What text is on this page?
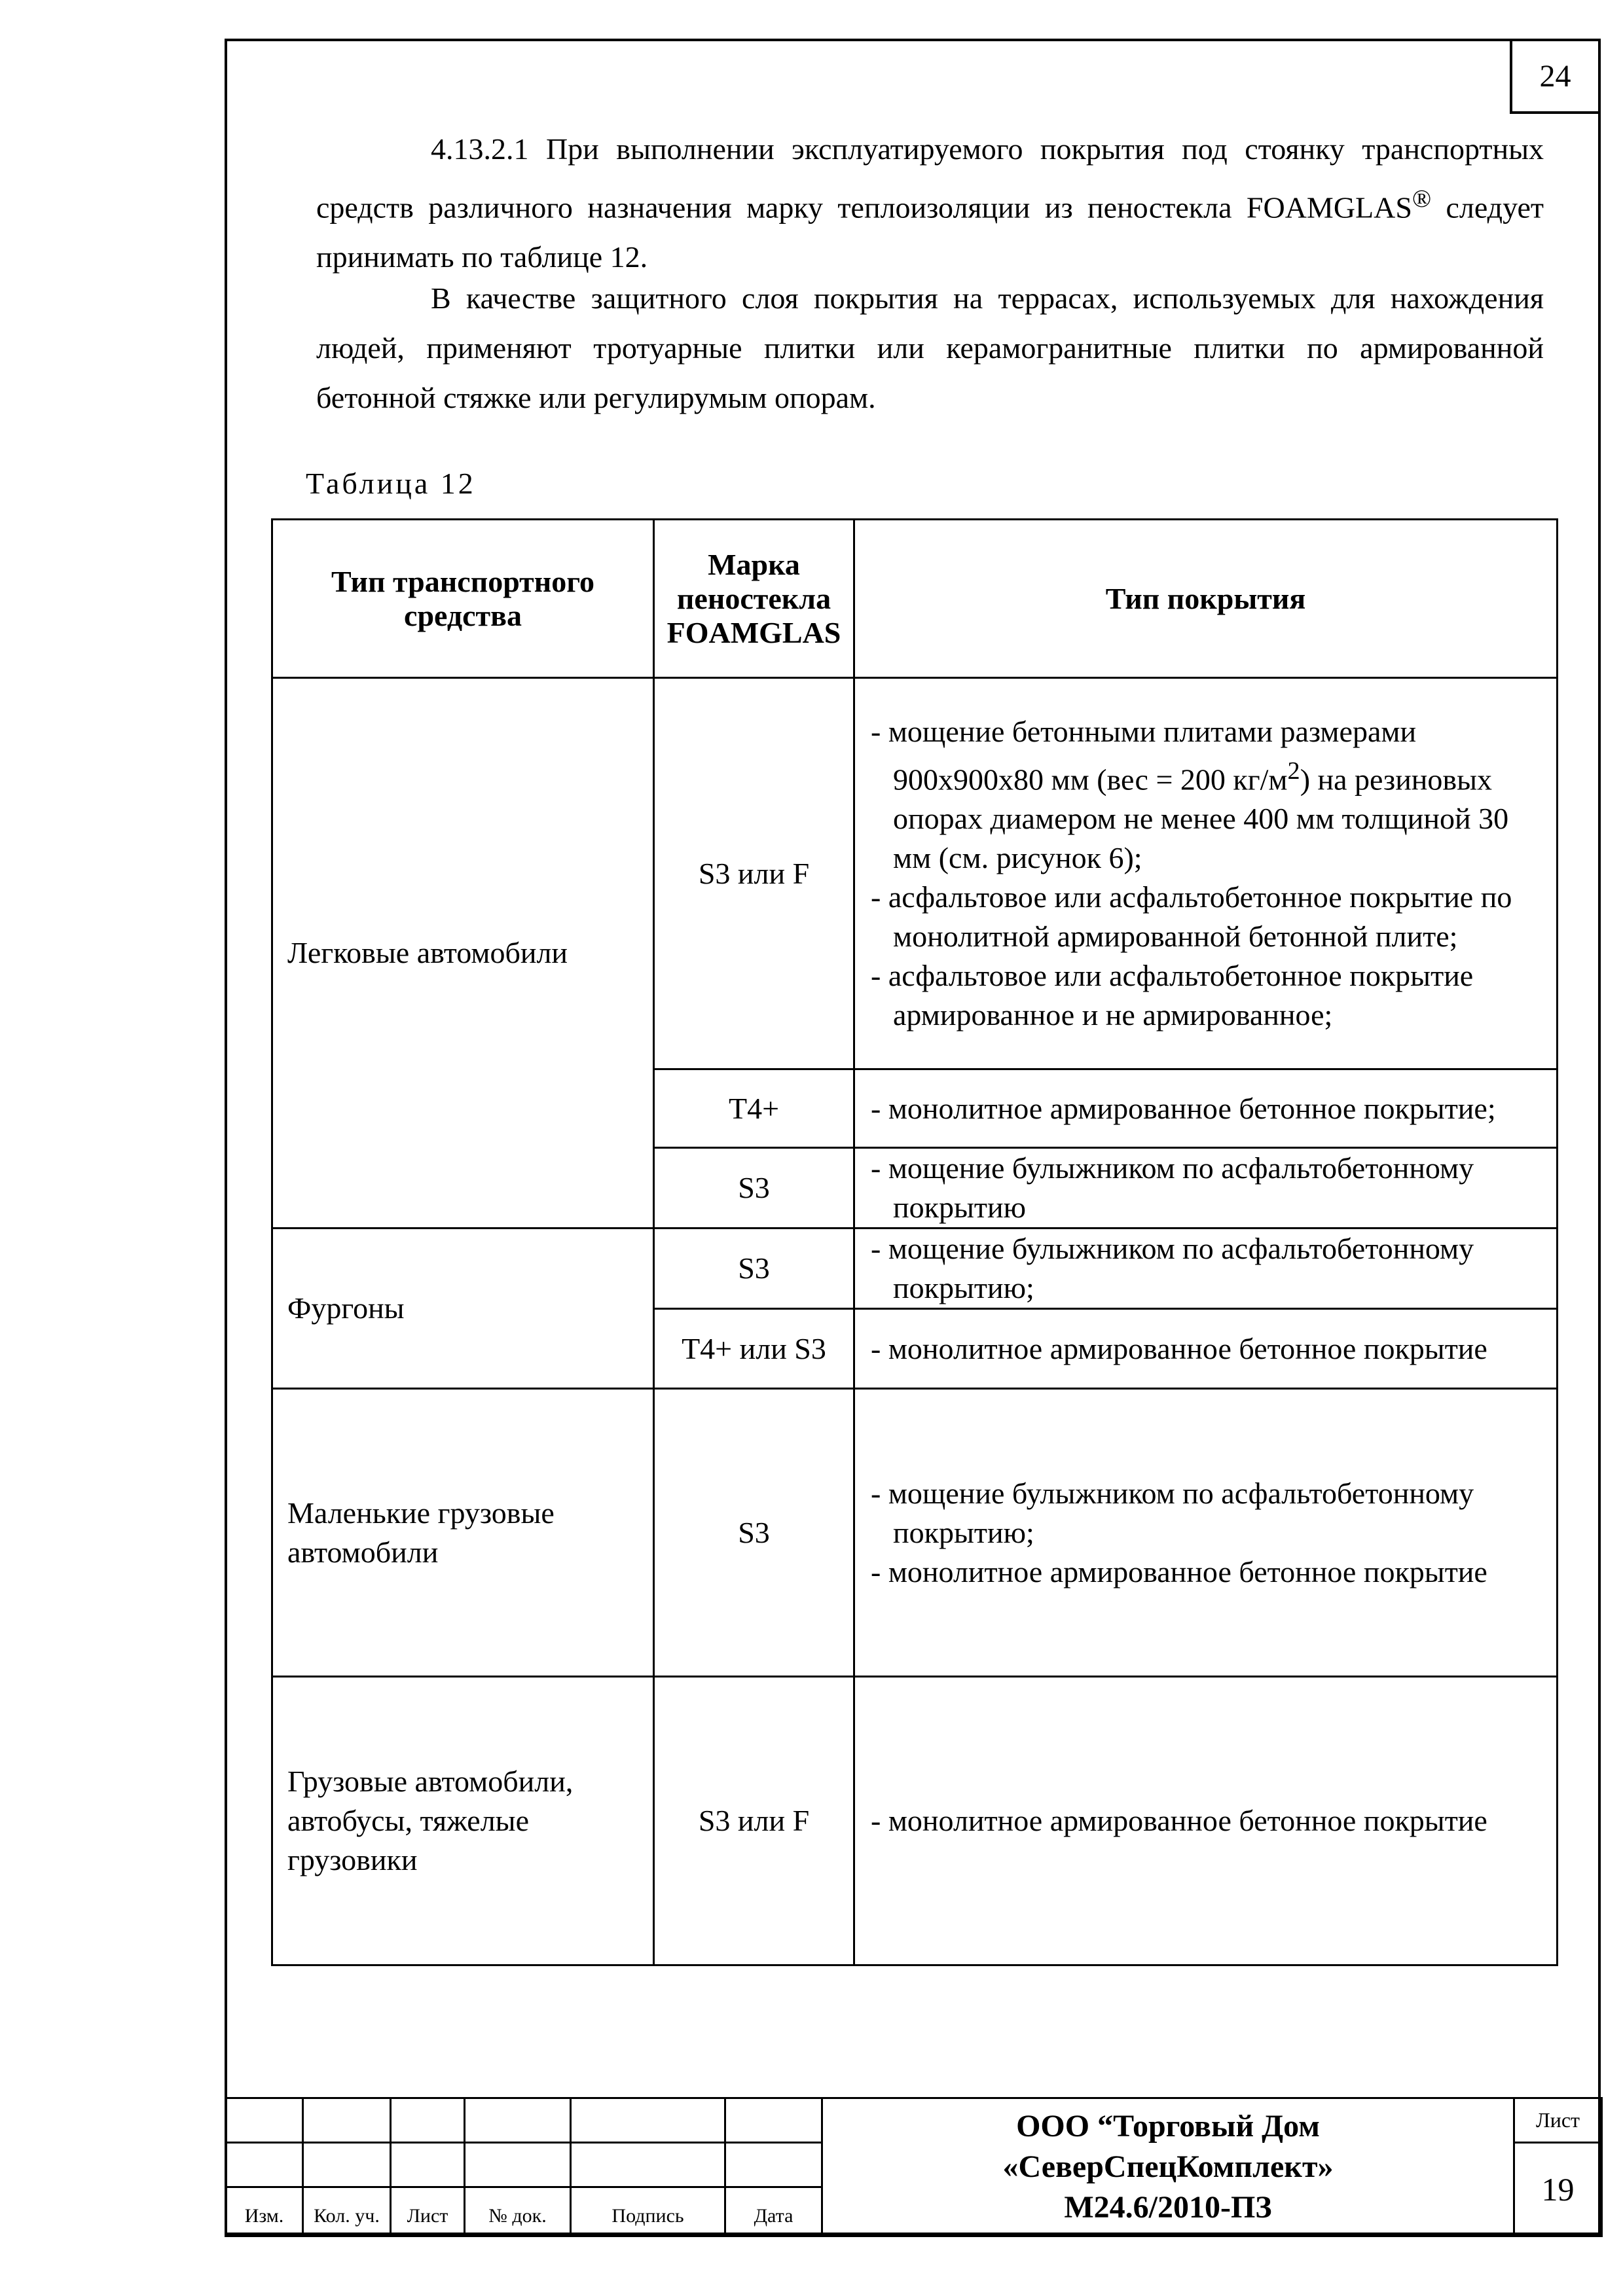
24
4.13.2.1 При выполнении эксплуатируемого покрытия под стоянку транспортных средств различного назначения марку теплоизоляции из пеностекла FOAMGLAS® следует принимать по таблице 12.
В качестве защитного слоя покрытия на террасах, используемых для нахождения людей, применяют тротуарные плитки или керамогранитные плитки по армированной бетонной стяжке или регулирумым опорам.
Таблица 12
Тип транспортного средства	Марка пеностекла FOAMGLAS	Тип покрытия
Легковые автомобили	S3 или F	- мощение бетонными плитами размерами 900x900x80 мм (вес = 200 $кг/м^2$) на резиновых опорах диамером не менее 400 мм толщиной 30 мм (см. рисунок 6);
- асфальтовое или асфальтобетонное покрытие по монолитной армированной бетонной плите;
- асфальтовое или асфальтобетонное покрытие армированное и не армированное;

	T4+	- монолитное армированное бетонное покрытие;

	S3	- мощение булыжником по асфальтобетонному покрытию

Фургоны	S3	- мощение булыжником по асфальтобетонному покрытию;

	T4+ или S3	- монолитное армированное бетонное покрытие

Маленькие грузовые автомобили	S3	- мощение булыжником по асфальтобетонному покрытию;
- монолитное армированное бетонное покрытие

Грузовые автомобили, автобусы, тяжелые грузовики	S3 или F	- монолитное армированное бетонное покрытие

						ООО “Торговый Дом
«СеверСпецКомплект»
М24.6/2010-ПЗ	Лист
							19
Изм.	Кол. уч.	Лист	№ док.	Подпись	Дата		
